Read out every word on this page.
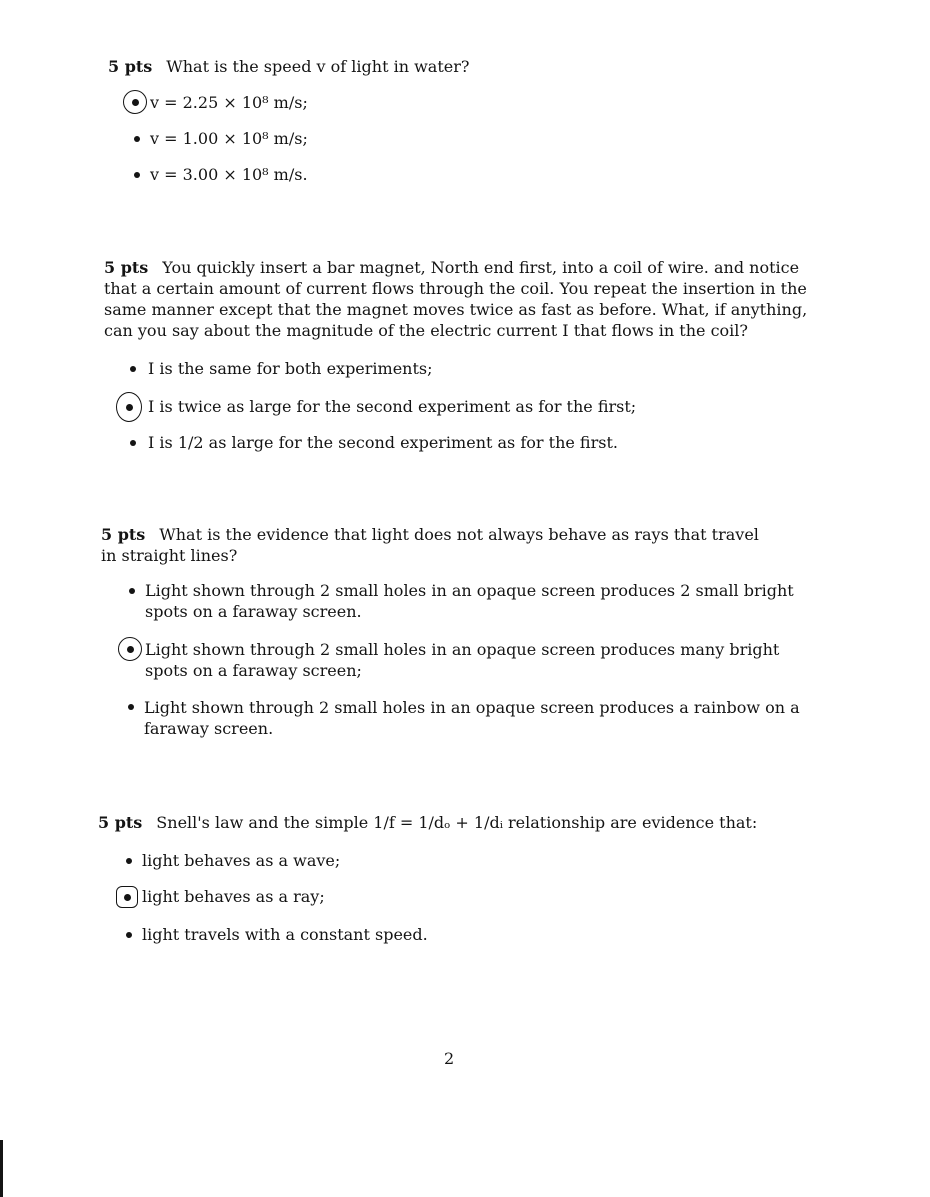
5 pts What is the speed v of light in water?

v = 2.25 × 10⁸ m/s;
v = 1.00 × 10⁸ m/s;
v = 3.00 × 10⁸ m/s.

5 pts You quickly insert a bar magnet, North end first, into a coil of wire. and notice that a certain amount of current flows through the coil. You repeat the insertion in the same manner except that the magnet moves twice as fast as before. What, if anything, can you say about the magnitude of the electric current I that flows in the coil?

I is the same for both experiments;
I is twice as large for the second experiment as for the first;
I is 1/2 as large for the second experiment as for the first.

5 pts What is the evidence that light does not always behave as rays that travel in straight lines?

Light shown through 2 small holes in an opaque screen produces 2 small bright spots on a faraway screen.
Light shown through 2 small holes in an opaque screen produces many bright spots on a faraway screen;
Light shown through 2 small holes in an opaque screen produces a rainbow on a faraway screen.

5 pts Snell's law and the simple 1/f = 1/dₒ + 1/dᵢ relationship are evidence that:

light behaves as a wave;
light behaves as a ray;
light travels with a constant speed.
2
